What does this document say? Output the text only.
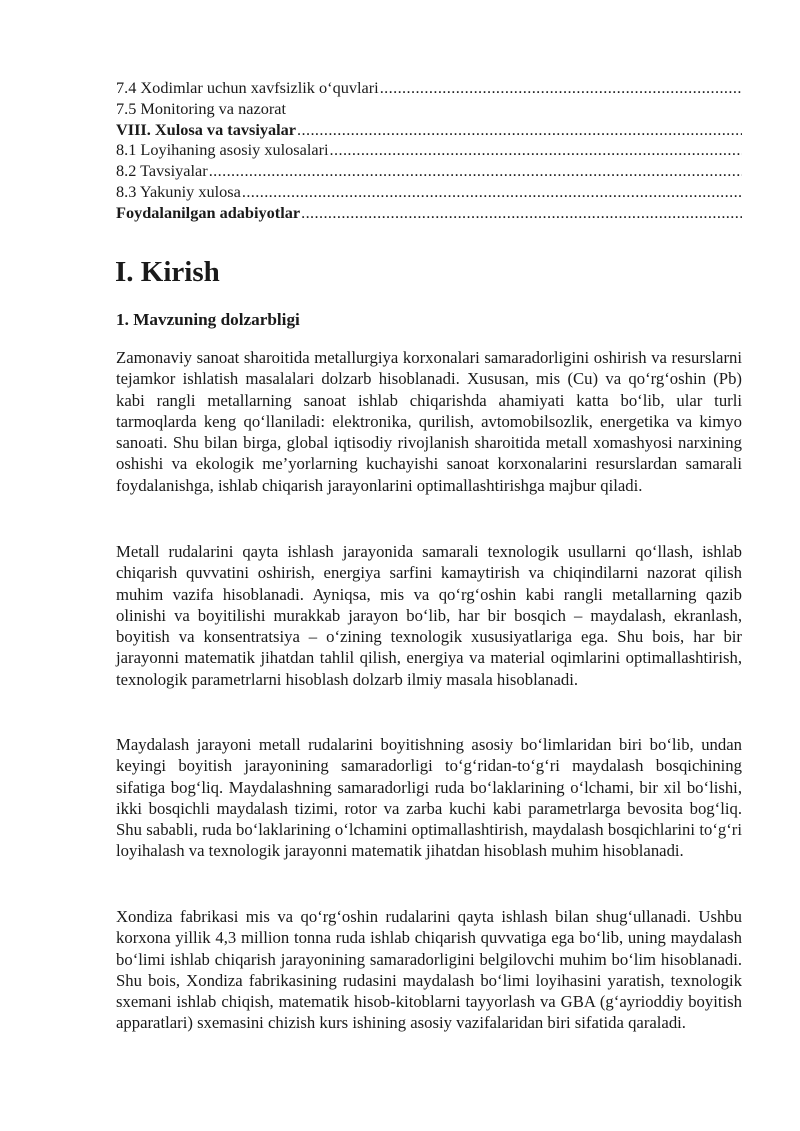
7.4 Xodimlar uchun xavfsizlik o‘quvlari
.....
7.5 Monitoring va nazorat
VIII. Xulosa va tavsiyalar
.....
8.1 Loyihaning asosiy xulosalari
.....
8.2 Tavsiyalar
.....
8.3 Yakuniy xulosa
.....
Foydalanilgan adabiyotlar
.....
I. Kirish
1. Mavzuning dolzarbligi

Zamonaviy sanoat sharoitida metallurgiya korxonalari samaradorligini oshirish va resurslarni tejamkor ishlatish masalalari dolzarb hisoblanadi. Xususan, mis (Cu) va qo‘rg‘oshin (Pb) kabi rangli metallarning sanoat ishlab chiqarishda ahamiyati katta bo‘lib, ular turli tarmoqlarda keng qo‘llaniladi: elektronika, qurilish, avtomobilsozlik, energetika va kimyo sanoati. Shu bilan birga, global iqtisodiy rivojlanish sharoitida metall xomashyosi narxining oshishi va ekologik me’yorlarning kuchayishi sanoat korxonalarini resurslardan samarali foydalanishga, ishlab chiqarish jarayonlarini optimallashtirishga majbur qiladi.

Metall rudalarini qayta ishlash jarayonida samarali texnologik usullarni qo‘llash, ishlab chiqarish quvvatini oshirish, energiya sarfini kamaytirish va chiqindilarni nazorat qilish muhim vazifa hisoblanadi. Ayniqsa, mis va qo‘rg‘oshin kabi rangli metallarning qazib olinishi va boyitilishi murakkab jarayon bo‘lib, har bir bosqich – maydalash, ekranlash, boyitish va konsentratsiya – o‘zining texnologik xususiyatlariga ega. Shu bois, har bir jarayonni matematik jihatdan tahlil qilish, energiya va material oqimlarini optimallashtirish, texnologik parametrlarni hisoblash dolzarb ilmiy masala hisoblanadi.

Maydalash jarayoni metall rudalarini boyitishning asosiy bo‘limlaridan biri bo‘lib, undan keyingi boyitish jarayonining samaradorligi to‘g‘ridan-to‘g‘ri maydalash bosqichining sifatiga bog‘liq. Maydalashning samaradorligi ruda bo‘laklarining o‘lchami, bir xil bo‘lishi, ikki bosqichli maydalash tizimi, rotor va zarba kuchi kabi parametrlarga bevosita bog‘liq. Shu sababli, ruda bo‘laklarining o‘lchamini optimallashtirish, maydalash bosqichlarini to‘g‘ri loyihalash va texnologik jarayonni matematik jihatdan hisoblash muhim hisoblanadi.

Xondiza fabrikasi mis va qo‘rg‘oshin rudalarini qayta ishlash bilan shug‘ullanadi. Ushbu korxona yillik 4,3 million tonna ruda ishlab chiqarish quvvatiga ega bo‘lib, uning maydalash bo‘limi ishlab chiqarish jarayonining samaradorligini belgilovchi muhim bo‘lim hisoblanadi. Shu bois, Xondiza fabrikasining rudasini maydalash bo‘limi loyihasini yaratish, texnologik sxemani ishlab chiqish, matematik hisob-kitoblarni tayyorlash va GBA (g‘ayrioddiy boyitish apparatlari) sxemasini chizish kurs ishining asosiy vazifalaridan biri sifatida qaraladi.
